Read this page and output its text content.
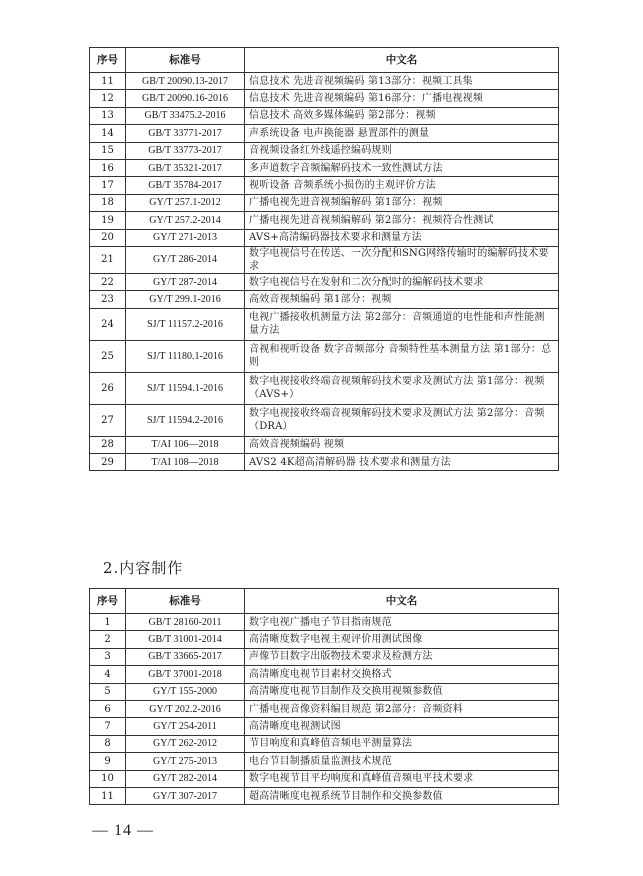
序号	标准号	中文名
11	GB/T 20090.13-2017	信息技术 先进音视频编码 第13部分：视频工具集
12	GB/T 20090.16-2016	信息技术 先进音视频编码 第16部分：广播电视视频
13	GB/T 33475.2-2016	信息技术 高效多媒体编码 第2部分：视频
14	GB/T 33771-2017	声系统设备 电声换能器 悬置部件的测量
15	GB/T 33773-2017	音视频设备红外线遥控编码规则
16	GB/T 35321-2017	多声道数字音频编解码技术一致性测试方法
17	GB/T 35784-2017	视听设备 音频系统小损伤的主观评价方法
18	GY/T 257.1-2012	广播电视先进音视频编解码 第1部分：视频
19	GY/T 257.2-2014	广播电视先进音视频编解码 第2部分：视频符合性测试
20	GY/T 271-2013	AVS+高清编码器技术要求和测量方法
21	GY/T 286-2014	数字电视信号在传送、一次分配和SNG网络传输时的编解码技术要求
22	GY/T 287-2014	数字电视信号在发射和二次分配时的编解码技术要求
23	GY/T 299.1-2016	高效音视频编码 第1部分：视频
24	SJ/T 11157.2-2016	电视广播接收机测量方法 第2部分：音频通道的电性能和声性能测量方法
25	SJ/T 11180.1-2016	音视和视听设备 数字音频部分 音频特性基本测量方法 第1部分：总则
26	SJ/T 11594.1-2016	数字电视接收终端音视频解码技术要求及测试方法 第1部分：视频（AVS+）
27	SJ/T 11594.2-2016	数字电视接收终端音视频解码技术要求及测试方法 第2部分：音频（DRA）
28	T/AI 106—2018	高效音视频编码 视频
29	T/AI 108—2018	AVS2 4K超高清解码器 技术要求和测量方法
2.内容制作
序号	标准号	中文名
1	GB/T 28160-2011	数字电视广播电子节目指南规范
2	GB/T 31001-2014	高清晰度数字电视主观评价用测试图像
3	GB/T 33665-2017	声像节目数字出版物技术要求及检测方法
4	GB/T 37001-2018	高清晰度电视节目素材交换格式
5	GY/T 155-2000	高清晰度电视节目制作及交换用视频参数值
6	GY/T 202.2-2016	广播电视音像资料编目规范 第2部分：音频资料
7	GY/T 254-2011	高清晰度电视测试图
8	GY/T 262-2012	节目响度和真峰值音频电平测量算法
9	GY/T 275-2013	电台节目制播质量监测技术规范
10	GY/T 282-2014	数字电视节目平均响度和真峰值音频电平技术要求
11	GY/T 307-2017	超高清晰度电视系统节目制作和交换参数值
— 14 —
